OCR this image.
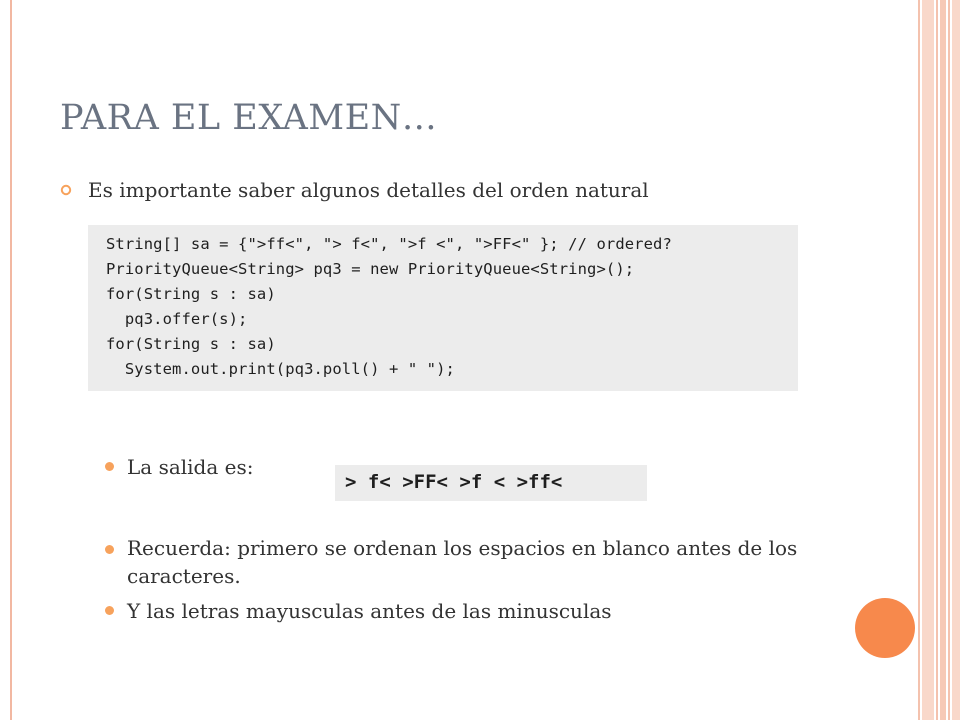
PARA EL EXAMEN…
Es importante saber algunos detalles del orden natural
String[] sa = {">ff<", "> f<", ">f <", ">FF<" }; // ordered?
PriorityQueue<String> pq3 = new PriorityQueue<String>();
for(String s : sa)
pq3.offer(s);
for(String s : sa)
System.out.print(pq3.poll() + " ");
La salida es:
> f< >FF< >f < >ff<
Recuerda: primero se ordenan los espacios en blanco antes de los caracteres.
Y las letras mayusculas antes de las minusculas
